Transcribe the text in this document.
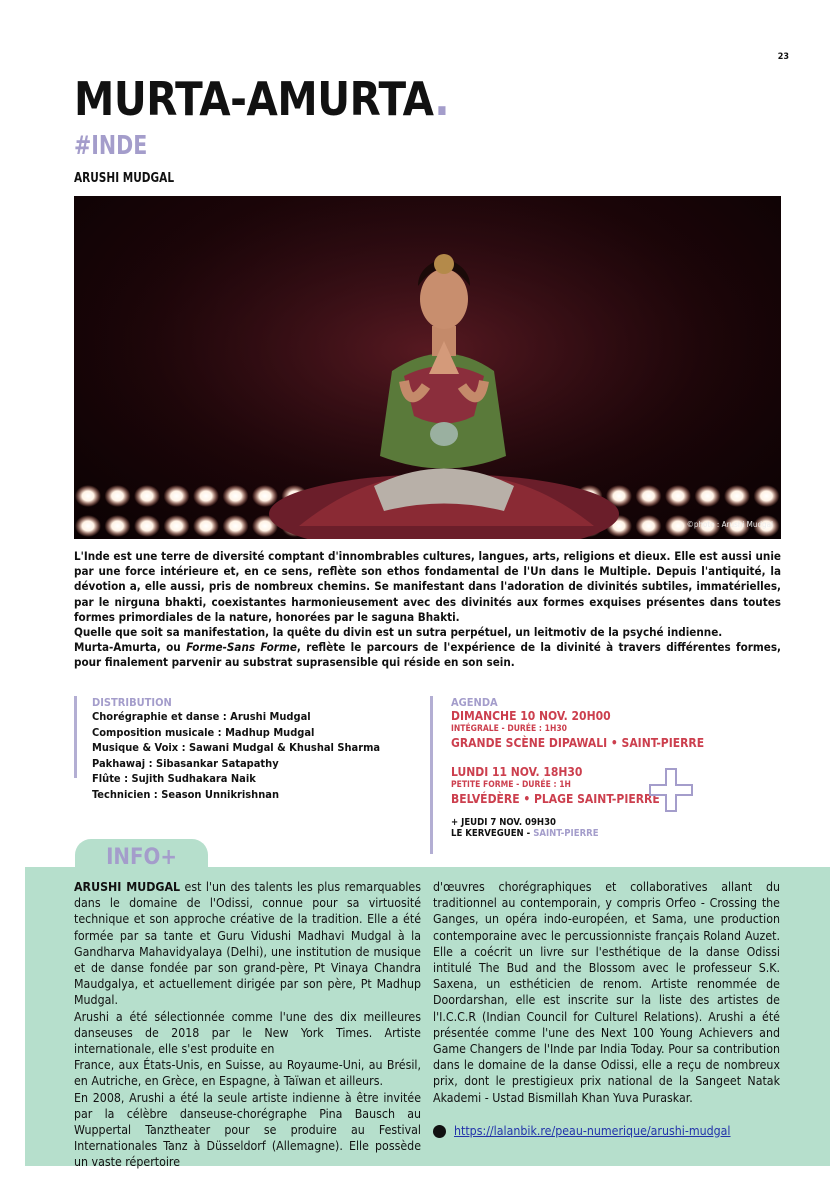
23
MURTA-AMURTA.
#INDE
ARUSHI MUDGAL
©photo : Arushi Mudgal

L'Inde est une terre de diversité comptant d'innombrables cultures, langues, arts, religions et dieux. Elle est aussi unie par une force intérieure et, en ce sens, reflète son ethos fondamental de l'Un dans le Multiple. Depuis l'antiquité, la dévotion a, elle aussi, pris de nombreux chemins. Se manifestant dans l'adoration de divinités subtiles, immatérielles, par le nirguna bhakti, coexistantes harmonieusement avec des divinités aux formes exquises présentes dans toutes formes primordiales de la nature, honorées par le saguna Bhakti.

Quelle que soit sa manifestation, la quête du divin est un sutra perpétuel, un leitmotiv de la psyché indienne.

Murta-Amurta, ou Forme-Sans Forme, reflète le parcours de l'expérience de la divinité à travers différentes formes, pour finalement parvenir au substrat suprasensible qui réside en son sein.

DISTRIBUTION
Chorégraphie et danse : Arushi Mudgal
Composition musicale : Madhup Mudgal
Musique & Voix : Sawani Mudgal & Khushal Sharma
Pakhawaj : Sibasankar Satapathy
Flûte : Sujith Sudhakara Naik
Technicien : Season Unnikrishnan
AGENDA
DIMANCHE 10 NOV. 20H00
INTÉGRALE - DURÉE : 1H30
GRANDE SCÈNE DIPAWALI • SAINT-PIERRE
LUNDI 11 NOV. 18H30
PETITE FORME - DURÉE : 1H
BELVÉDÈRE • PLAGE SAINT-PIERRE
+ JEUDI 7 NOV. 09H30
LE KERVEGUEN - SAINT-PIERRE

ARUSHI MUDGAL est l'un des talents les plus remarquables dans le domaine de l'Odissi, connue pour sa virtuosité technique et son approche créative de la tradition. Elle a été formée par sa tante et Guru Vidushi Madhavi Mudgal à la Gandharva Mahavidyalaya (Delhi), une institution de musique et de danse fondée par son grand-père, Pt Vinaya Chandra Maudgalya, et actuellement dirigée par son père, Pt Madhup Mudgal.

Arushi a été sélectionnée comme l'une des dix meilleures danseuses de 2018 par le New York Times. Artiste internationale, elle s'est produite en

France, aux États-Unis, en Suisse, au Royaume-Uni, au Brésil, en Autriche, en Grèce, en Espagne, à Taïwan et ailleurs.

En 2008, Arushi a été la seule artiste indienne à être invitée par la célèbre danseuse-chorégraphe Pina Bausch au Wuppertal Tanztheater pour se produire au Festival Internationales Tanz à Düsseldorf (Allemagne). Elle possède un vaste répertoire

d'œuvres chorégraphiques et collaboratives allant du traditionnel au contemporain, y compris Orfeo - Crossing the Ganges, un opéra indo-européen, et Sama, une production contemporaine avec le percussionniste français Roland Auzet. Elle a coécrit un livre sur l'esthétique de la danse Odissi intitulé The Bud and the Blossom avec le professeur S.K. Saxena, un esthéticien de renom. Artiste renommée de Doordarshan, elle est inscrite sur la liste des artistes de l'I.C.C.R (Indian Council for Culturel Relations). Arushi a été présentée comme l'une des Next 100 Young Achievers and Game Changers de l'Inde par India Today. Pour sa contribution dans le domaine de la danse Odissi, elle a reçu de nombreux prix, dont le prestigieux prix national de la Sangeet Natak Akademi - Ustad Bismillah Khan Yuva Puraskar.

https://lalanbik.re/peau-numerique/arushi-mudgal
INFO+
